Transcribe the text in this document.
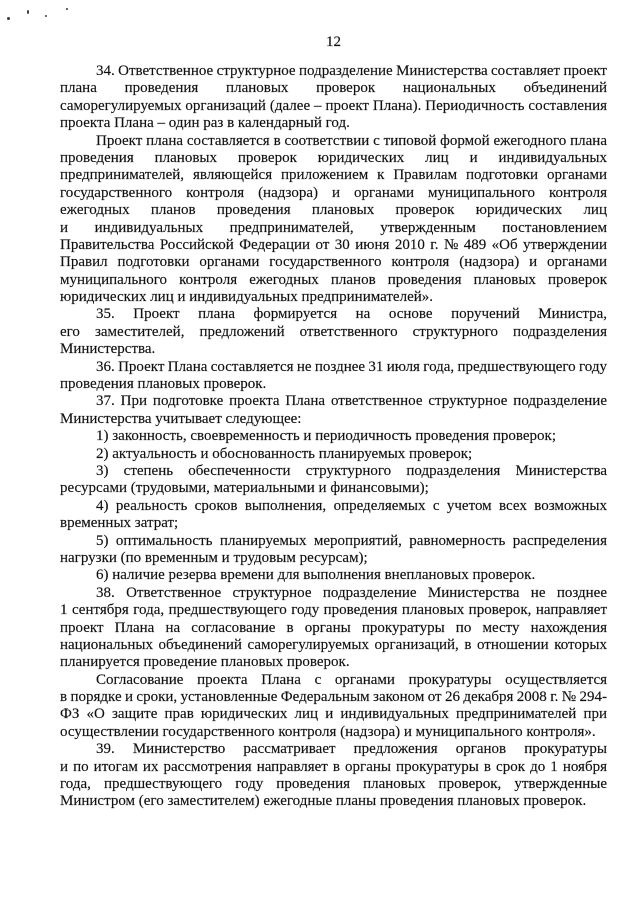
12
34. Ответственное структурное подразделение Министерства составляет проект
плана проведения плановых проверок национальных объединений
саморегулируемых организаций (далее – проект Плана). Периодичность составления
проекта Плана – один раз в календарный год.
Проект плана составляется в соответствии с типовой формой ежегодного плана
проведения плановых проверок юридических лиц и индивидуальных
предпринимателей, являющейся приложением к Правилам подготовки органами
государственного контроля (надзора) и органами муниципального контроля
ежегодных планов проведения плановых проверок юридических лиц
и индивидуальных предпринимателей, утвержденным постановлением
Правительства Российской Федерации от 30 июня 2010 г. № 489 «Об утверждении
Правил подготовки органами государственного контроля (надзора) и органами
муниципального контроля ежегодных планов проведения плановых проверок
юридических лиц и индивидуальных предпринимателей».
35. Проект плана формируется на основе поручений Министра,
его заместителей, предложений ответственного структурного подразделения
Министерства.
36. Проект Плана составляется не позднее 31 июля года, предшествующего году
проведения плановых проверок.
37. При подготовке проекта Плана ответственное структурное подразделение
Министерства учитывает следующее:
1) законность, своевременность и периодичность проведения проверок;
2) актуальность и обоснованность планируемых проверок;
3) степень обеспеченности структурного подразделения Министерства
ресурсами (трудовыми, материальными и финансовыми);
4) реальность сроков выполнения, определяемых с учетом всех возможных
временных затрат;
5) оптимальность планируемых мероприятий, равномерность распределения
нагрузки (по временным и трудовым ресурсам);
6) наличие резерва времени для выполнения внеплановых проверок.
38. Ответственное структурное подразделение Министерства не позднее
1 сентября года, предшествующего году проведения плановых проверок, направляет
проект Плана на согласование в органы прокуратуры по месту нахождения
национальных объединений саморегулируемых организаций, в отношении которых
планируется проведение плановых проверок.
Согласование проекта Плана с органами прокуратуры осуществляется
в порядке и сроки, установленные Федеральным законом от 26 декабря 2008 г. № 294-
ФЗ «О защите прав юридических лиц и индивидуальных предпринимателей при
осуществлении государственного контроля (надзора) и муниципального контроля».
39. Министерство рассматривает предложения органов прокуратуры
и по итогам их рассмотрения направляет в органы прокуратуры в срок до 1 ноября
года, предшествующего году проведения плановых проверок, утвержденные
Министром (его заместителем) ежегодные планы проведения плановых проверок.
